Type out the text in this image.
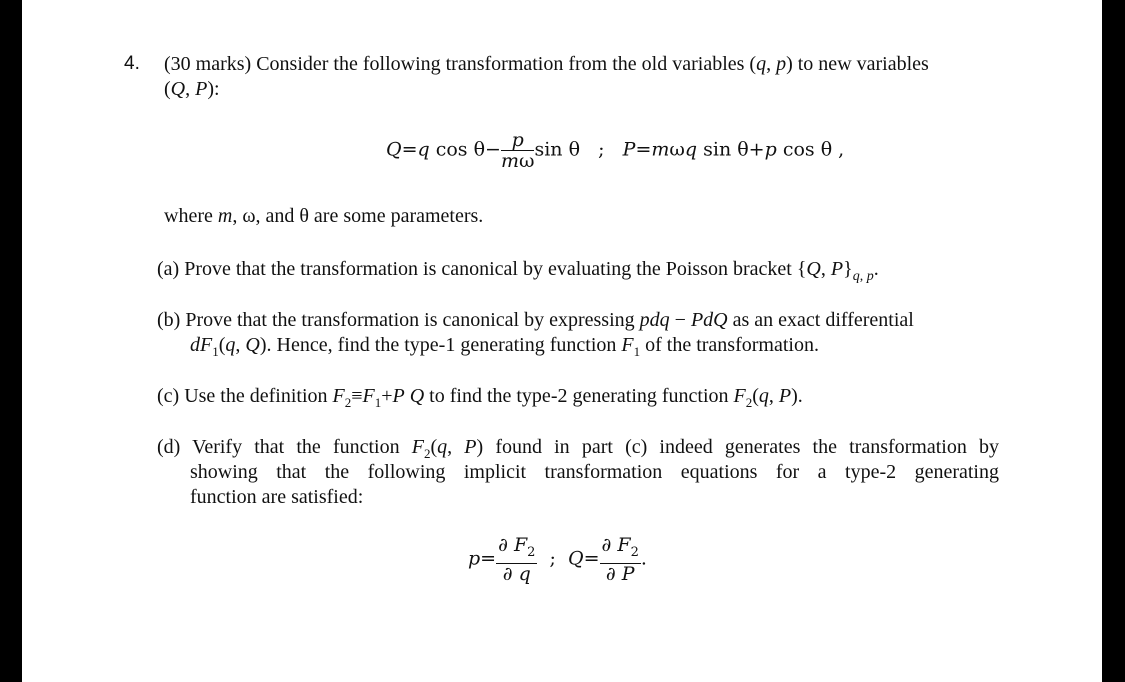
4. (30 marks) Consider the following transformation from the old variables (q, p) to new variables
(Q, P):
Q=q $\cos \theta- \frac{p}{m\omega}$ sin θ   ;   P=mωq sin θ+p cos θ ,
where m, ω, and θ are some parameters.
(a) Prove that the transformation is canonical by evaluating the Poisson bracket {Q, $P\}_{q, p}$.
(b) Prove that the transformation is canonical by expressing pdq − PdQ as an exact differential
$dF_1(q$, Q). Hence, find the type-1 generating function $F_1$ of the transformation.
(c) Use the definition $F_2\equiv F_1+P$ Q to find the type-2 generating function $F_2(q$, P).
(d) Verify that the function $F_2(q$, P) found in part (c) indeed generates the transformation by
showing that the following implicit transformation equations for a type-2 generating
function are satisfied:
$p= \frac{\partial F_2}{\partial q}$ ;  $Q= \frac{\partial F_2}{\partial P}$ .
